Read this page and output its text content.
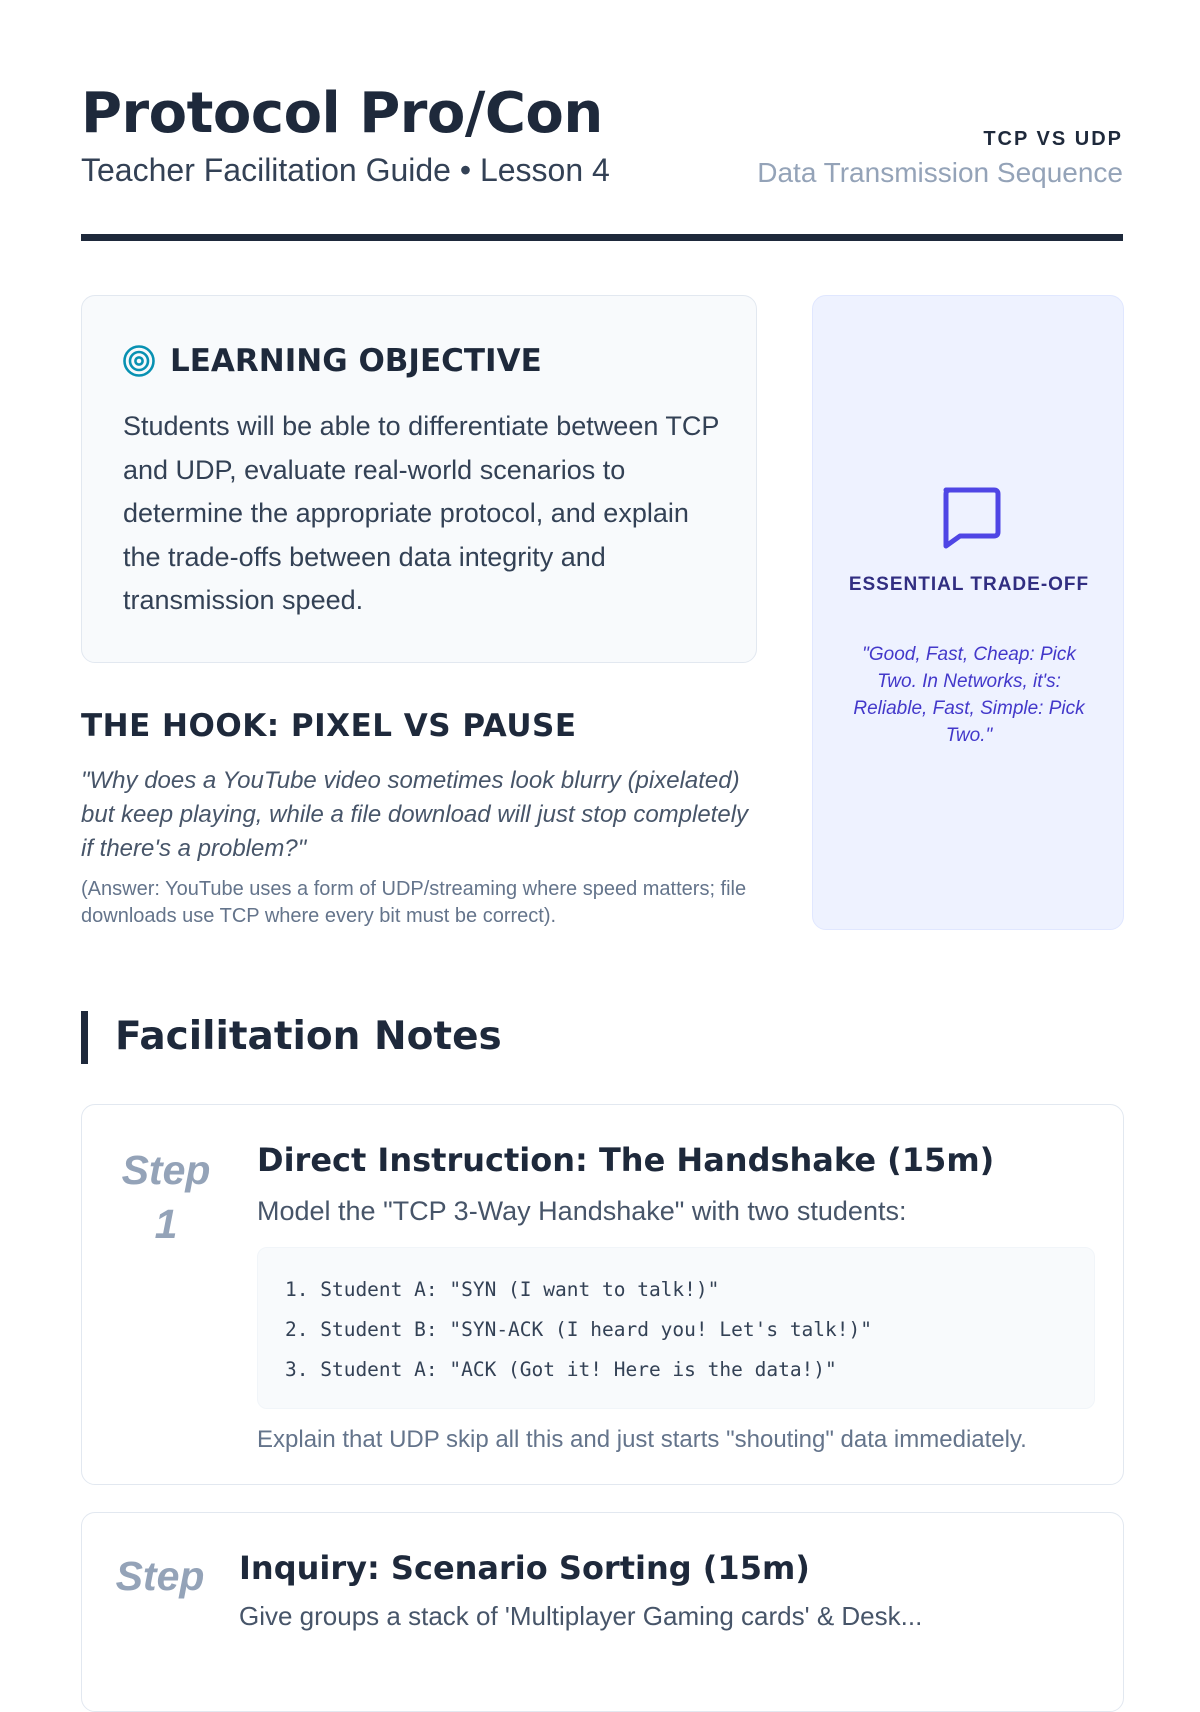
Protocol Pro/Con
Teacher Facilitation Guide • Lesson 4
TCP VS UDP
Data Transmission Sequence
LEARNING OBJECTIVE

Students will be able to differentiate between TCP and UDP, evaluate real-world scenarios to determine the appropriate protocol, and explain the trade-offs between data integrity and transmission speed.

THE HOOK: PIXEL VS PAUSE

"Why does a YouTube video sometimes look blurry (pixelated) but keep playing, while a file download will just stop completely if there's a problem?"

(Answer: YouTube uses a form of UDP/streaming where speed matters; file downloads use TCP where every bit must be correct).

ESSENTIAL TRADE-OFF

"Good, Fast, Cheap: Pick Two. In Networks, it's: Reliable, Fast, Simple: Pick Two."

Facilitation Notes
Step 1
Direct Instruction: The Handshake (15m)

Model the "TCP 3-Way Handshake" with two students:

1. Student A: "SYN (I want to talk!)"
2. Student B: "SYN-ACK (I heard you! Let's talk!)"
3. Student A: "ACK (Got it! Here is the data!)"

Explain that UDP skip all this and just starts "shouting" data immediately.

Step Inquiry: Scenario Sorting (15m)

Give groups a stack of 'Multiplayer Gaming cards' & Desk...
